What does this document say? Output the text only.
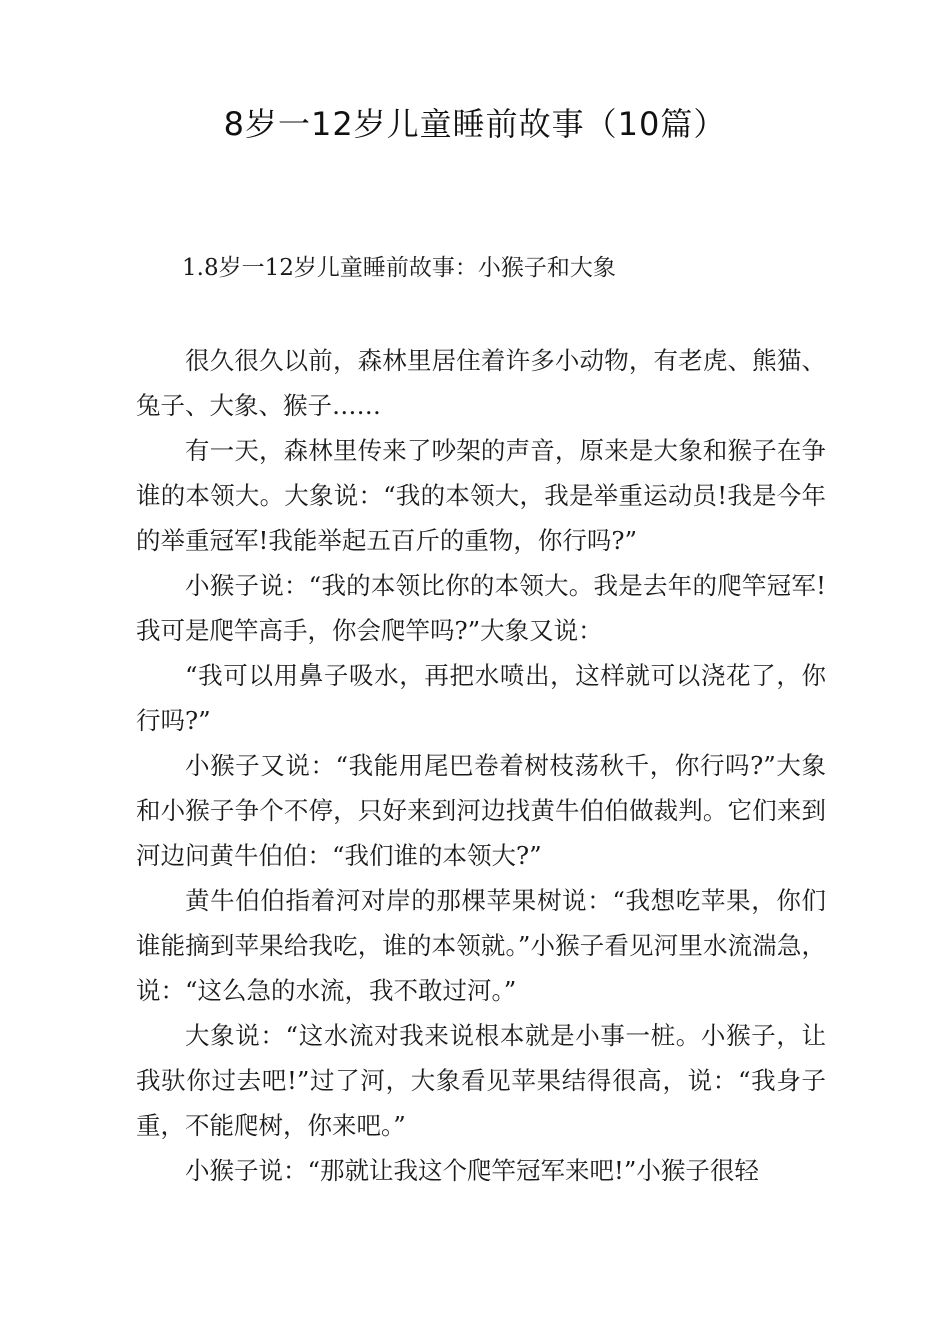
8岁一12岁儿童睡前故事（10篇）
1.8岁一12岁儿童睡前故事：小猴子和大象

很久很久以前，森林里居住着许多小动物，有老虎、熊猫、兔子、大象、猴子……

有一天，森林里传来了吵架的声音，原来是大象和猴子在争谁的本领大。大象说：“我的本领大，我是举重运动员!我是今年的举重冠军!我能举起五百斤的重物，你行吗?”

小猴子说：“我的本领比你的本领大。我是去年的爬竿冠军!我可是爬竿高手，你会爬竿吗?”大象又说：

“我可以用鼻子吸水，再把水喷出，这样就可以浇花了，你行吗?”

小猴子又说：“我能用尾巴卷着树枝荡秋千，你行吗?”大象和小猴子争个不停，只好来到河边找黄牛伯伯做裁判。它们来到河边问黄牛伯伯：“我们谁的本领大?”

黄牛伯伯指着河对岸的那棵苹果树说：“我想吃苹果，你们谁能摘到苹果给我吃，谁的本领就。”小猴子看见河里水流湍急，说：“这么急的水流，我不敢过河。”

大象说：“这水流对我来说根本就是小事一桩。小猴子，让我驮你过去吧!”过了河，大象看见苹果结得很高，说：“我身子重，不能爬树，你来吧。”

小猴子说：“那就让我这个爬竿冠军来吧!”小猴子很轻
